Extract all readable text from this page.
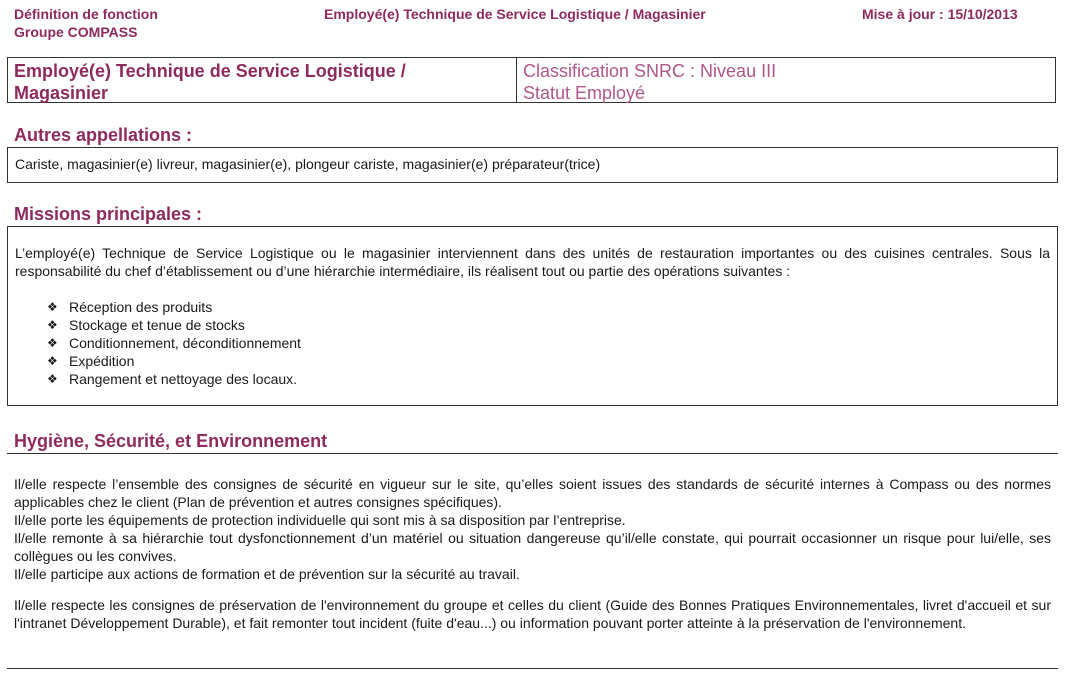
Définition de fonction
Groupe COMPASS
Employé(e) Technique de Service Logistique / Magasinier	Mise à jour : 15/10/2013
Employé(e) Technique de Service Logistique /
Magasinier
Classification SNRC : Niveau III
Statut Employé
Autres appellations :
Cariste, magasinier(e) livreur, magasinier(e), plongeur cariste, magasinier(e) préparateur(trice)
Missions principales :

L’employé(e) Technique de Service Logistique ou le magasinier interviennent dans des unités de restauration importantes ou des cuisines centrales. Sous la responsabilité du chef d’établissement ou d’une hiérarchie intermédiaire, ils réalisent tout ou partie des opérations suivantes :

❖ Réception des produits
❖ Stockage et tenue de stocks
❖ Conditionnement, déconditionnement
❖ Expédition
❖ Rangement et nettoyage des locaux.
Hygiène, Sécurité, et Environnement

Il/elle respecte l’ensemble des consignes de sécurité en vigueur sur le site, qu’elles soient issues des standards de sécurité internes à Compass ou des normes applicables chez le client (Plan de prévention et autres consignes spécifiques).

Il/elle porte les équipements de protection individuelle qui sont mis à sa disposition par l’entreprise.

Il/elle remonte à sa hiérarchie tout dysfonctionnement d’un matériel ou situation dangereuse qu’il/elle constate, qui pourrait occasionner un risque pour lui/elle, ses collègues ou les convives.

Il/elle participe aux actions de formation et de prévention sur la sécurité au travail.

Il/elle respecte les consignes de préservation de l'environnement du groupe et celles du client (Guide des Bonnes Pratiques Environnementales, livret d'accueil et sur l'intranet Développement Durable), et fait remonter tout incident (fuite d'eau...) ou information pouvant porter atteinte à la préservation de l'environnement.
